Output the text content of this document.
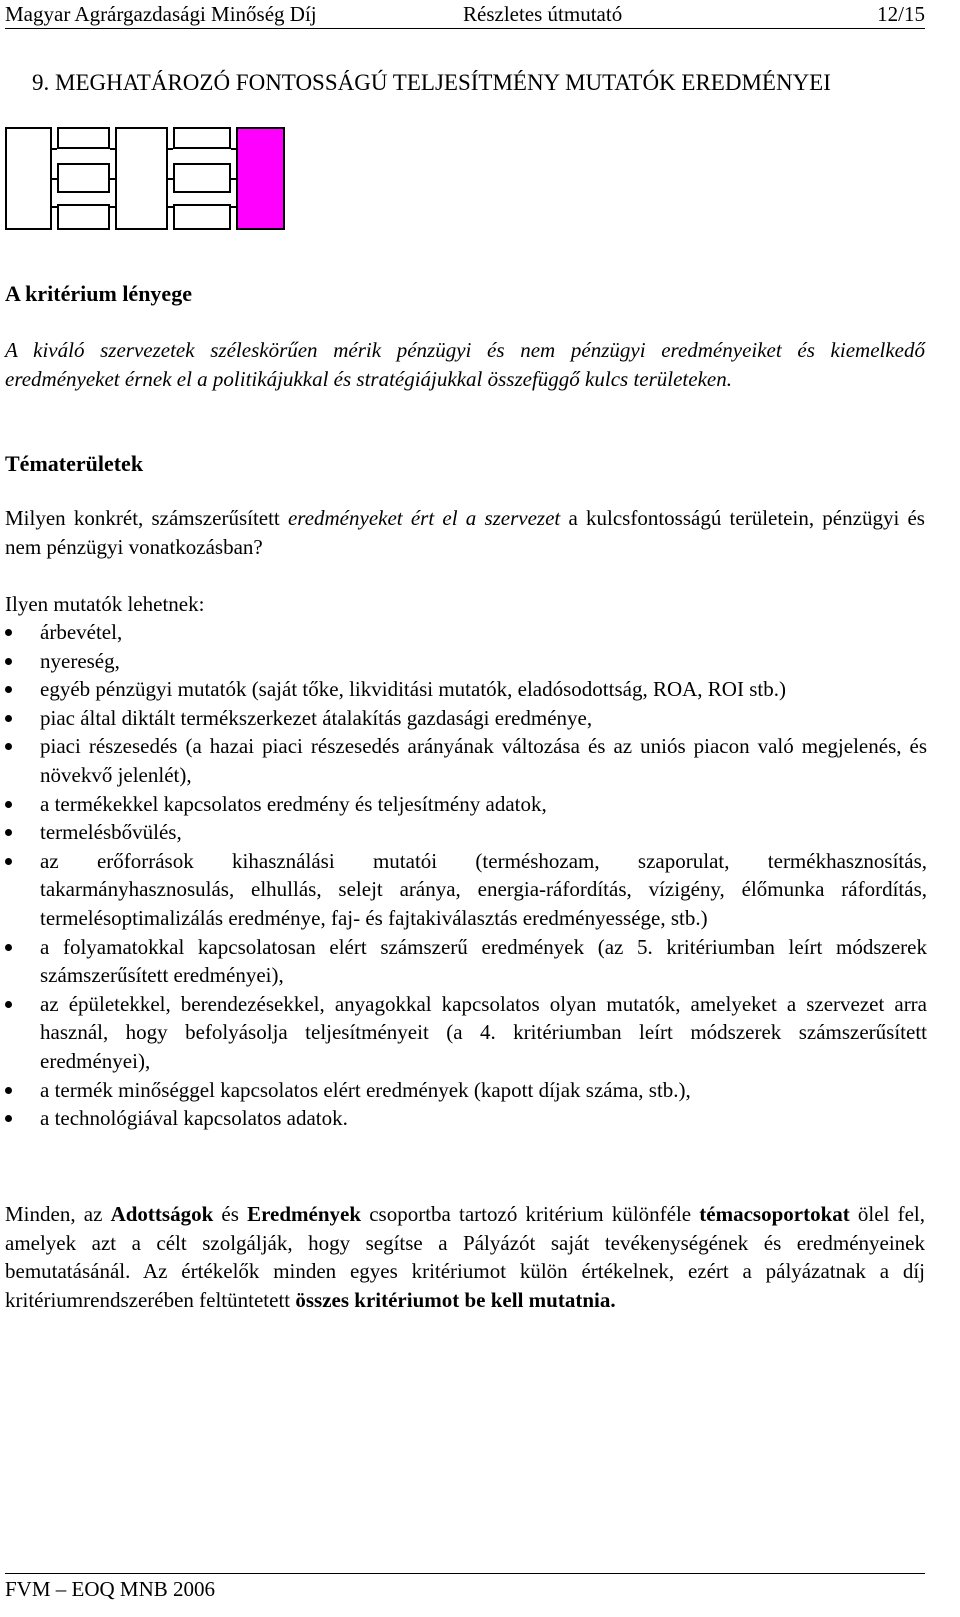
Magyar Agrárgazdasági Minőség Díj	Részletes útmutató	12/15
9. MEGHATÁROZÓ FONTOSSÁGÚ TELJESÍTMÉNY MUTATÓK EREDMÉNYEI
A kritérium lényege
A kiváló szervezetek széleskörűen mérik pénzügyi és nem pénzügyi eredményeiket és kiemelkedő eredményeket érnek el a politikájukkal és stratégiájukkal összefüggő kulcs területeken.
Tématerületek
Milyen konkrét, számszerűsített eredményeket ért el a szervezet a kulcsfontosságú területein, pénzügyi és nem pénzügyi vonatkozásban?
Ilyen mutatók lehetnek:
árbevétel,
nyereség,
egyéb pénzügyi mutatók (saját tőke, likviditási mutatók, eladósodottság, ROA, ROI stb.)
piac által diktált termékszerkezet átalakítás gazdasági eredménye,
piaci részesedés (a hazai piaci részesedés arányának változása és az uniós piacon való megjelenés, és növekvő jelenlét),
a termékekkel kapcsolatos eredmény és teljesítmény adatok,
termelésbővülés,
az erőforrások kihasználási mutatói (terméshozam, szaporulat, termékhasznosítás, takarmányhasznosulás, elhullás, selejt aránya, energia-ráfordítás, vízigény, élőmunka ráfordítás, termelésoptimalizálás eredménye, faj- és fajtakiválasztás eredményessége, stb.)
a folyamatokkal kapcsolatosan elért számszerű eredmények (az 5. kritériumban leírt módszerek számszerűsített eredményei),
az épületekkel, berendezésekkel, anyagokkal kapcsolatos olyan mutatók, amelyeket a szervezet arra használ, hogy befolyásolja teljesítményeit (a 4. kritériumban leírt módszerek számszerűsített eredményei),
a termék minőséggel kapcsolatos elért eredmények (kapott díjak száma, stb.),
a technológiával kapcsolatos adatok.
Minden, az Adottságok és Eredmények csoportba tartozó kritérium különféle témacsoportokat ölel fel, amelyek azt a célt szolgálják, hogy segítse a Pályázót saját tevékenységének és eredményeinek bemutatásánál. Az értékelők minden egyes kritériumot külön értékelnek, ezért a pályázatnak a díj kritériumrendszerében feltüntetett összes kritériumot be kell mutatnia.
FVM – EOQ MNB 2006
